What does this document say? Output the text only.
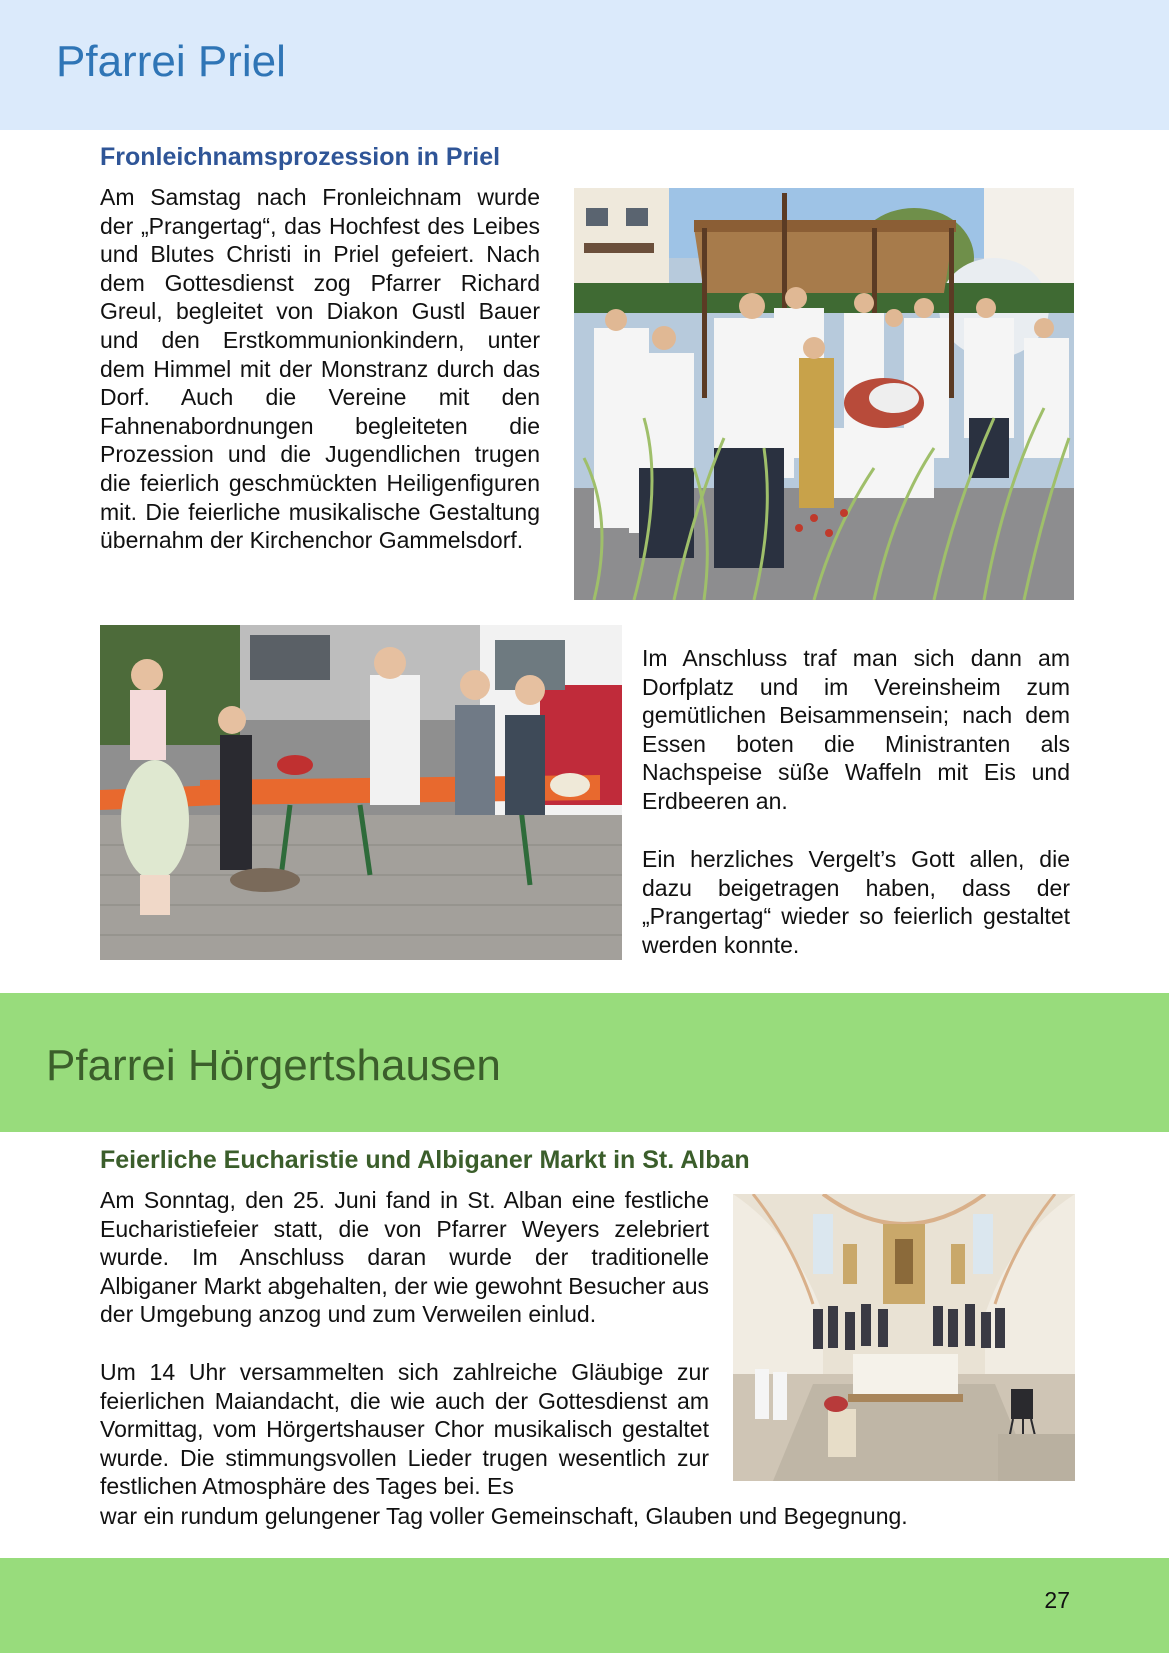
Pfarrei Priel
Fronleichnamsprozession in Priel

Am Samstag nach Fronleichnam wurde der „Prangertag“, das Hochfest des Leibes und Blutes Christi in Priel gefeiert. Nach dem Gottesdienst zog Pfarrer Richard Greul, begleitet von Diakon Gustl Bauer und den Erstkommunionkindern, unter dem Himmel mit der Monstranz durch das Dorf. Auch die Vereine mit den Fahnenabordnungen begleiteten die Prozession und die Jugendlichen trugen die feierlich geschmückten Heiligenfiguren mit. Die feierliche musikalische Gestaltung übernahm der Kirchenchor Gammelsdorf.

Im Anschluss traf man sich dann am Dorfplatz und im Vereinsheim zum gemütlichen Beisammensein; nach dem Essen boten die Ministranten als Nachspeise süße Waffeln mit Eis und Erdbeeren an.

Ein herzliches Vergelt’s Gott allen, die dazu beigetragen haben, dass der „Prangertag“ wieder so feierlich gestaltet werden konnte.

Pfarrei Hörgertshausen
Feierliche Eucharistie und Albiganer Markt in St. Alban

Am Sonntag, den 25. Juni fand in St. Alban eine festliche Eucharistiefeier statt, die von Pfarrer Weyers zelebriert wurde. Im Anschluss daran wurde der traditionelle Albiganer Markt abgehalten, der wie gewohnt Besucher aus der Umgebung anzog und zum Verweilen einlud.

Um 14 Uhr versammelten sich zahlreiche Gläubige zur feierlichen Maiandacht, die wie auch der Gottesdienst am Vormittag, vom Hörgertshauser Chor musikalisch gestaltet wurde. Die stimmungsvollen Lieder trugen wesentlich zur festlichen Atmosphäre des Tages bei. Es

war ein rundum gelungener Tag voller Gemeinschaft, Glauben und Begegnung.

27
